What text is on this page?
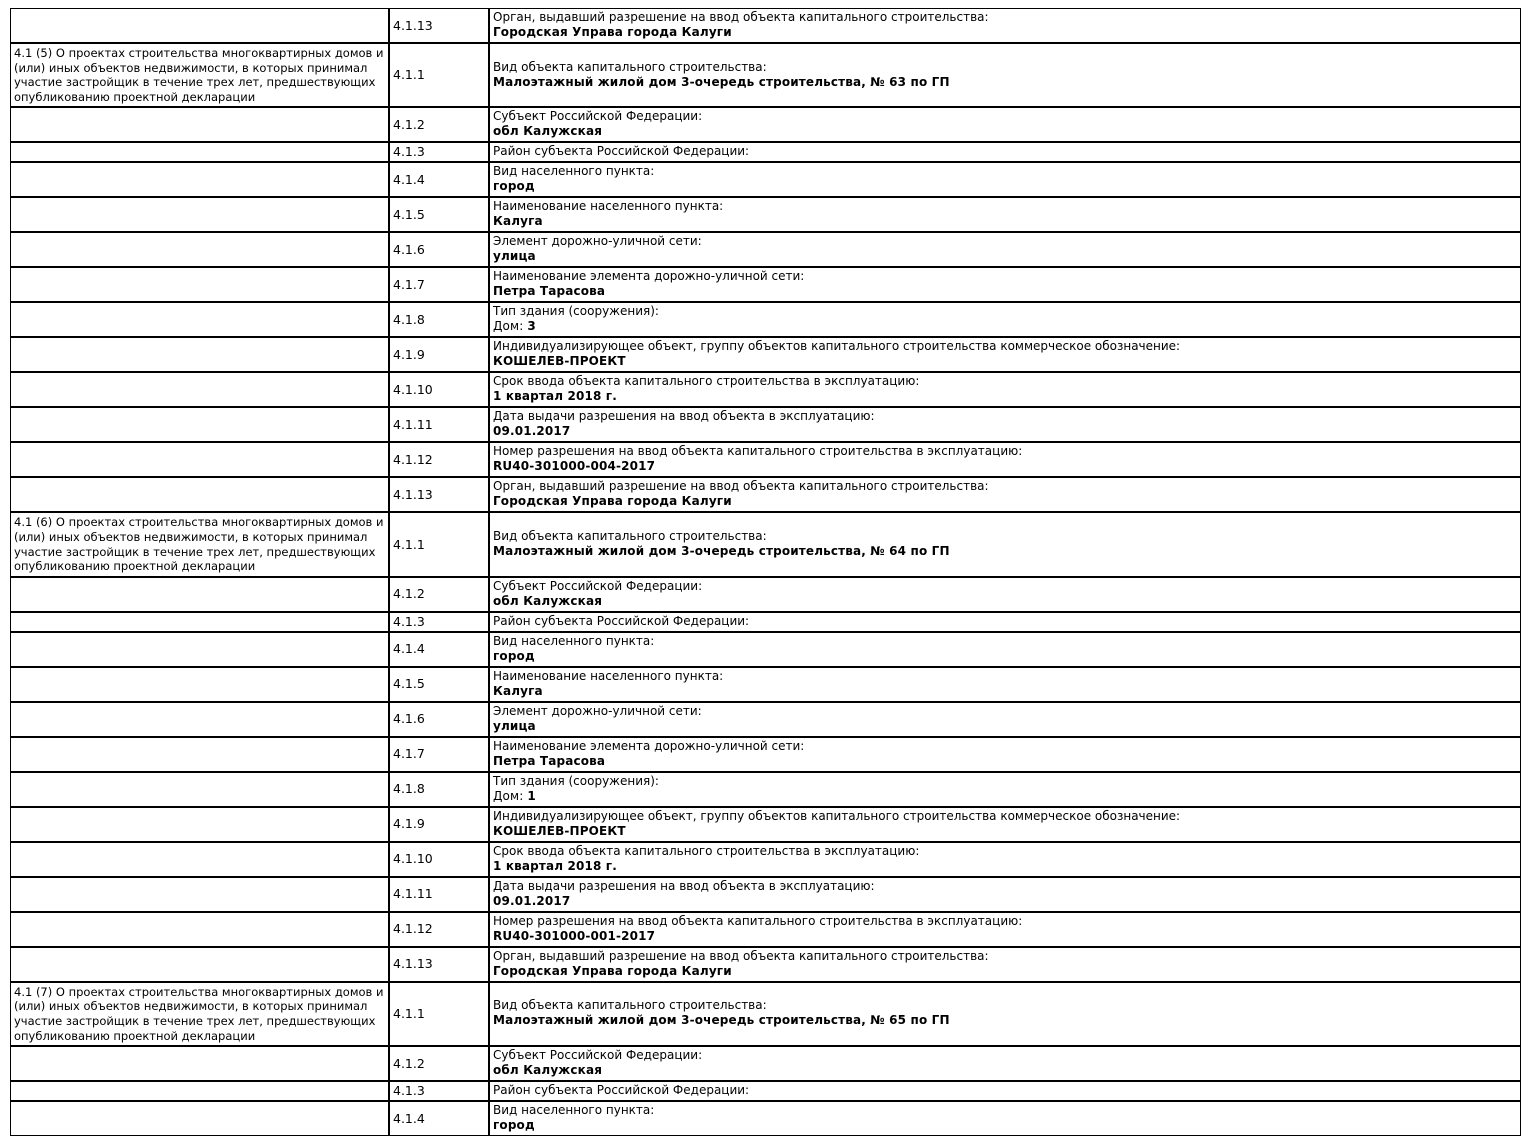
	4.1.13	Орган, выдавший разрешение на ввод объекта капитального строительства:
Городская Управа города Калуги

4.1 (5) О проектах строительства многоквартирных домов и (или) иных объектов недвижимости, в которых принимал участие застройщик в течение трех лет, предшествующих опубликованию проектной декларации	4.1.1	Вид объекта капитального строительства:
Малоэтажный жилой дом 3-очередь строительства, № 63 по ГП

	4.1.2	Субъект Российской Федерации:
обл Калужская

	4.1.3	Район субъекта Российской Федерации:

	4.1.4	Вид населенного пункта:
город

	4.1.5	Наименование населенного пункта:
Калуга

	4.1.6	Элемент дорожно-уличной сети:
улица

	4.1.7	Наименование элемента дорожно-уличной сети:
Петра Тарасова

	4.1.8	Тип здания (сооружения):
Дом: 3

	4.1.9	Индивидуализирующее объект, группу объектов капитального строительства коммерческое обозначение:
КОШЕЛЕВ-ПРОЕКТ

	4.1.10	Срок ввода объекта капитального строительства в эксплуатацию:
1 квартал 2018 г.

	4.1.11	Дата выдачи разрешения на ввод объекта в эксплуатацию:
09.01.2017

	4.1.12	Номер разрешения на ввод объекта капитального строительства в эксплуатацию:
RU40-301000-004-2017

	4.1.13	Орган, выдавший разрешение на ввод объекта капитального строительства:
Городская Управа города Калуги

4.1 (6) О проектах строительства многоквартирных домов и (или) иных объектов недвижимости, в которых принимал участие застройщик в течение трех лет, предшествующих опубликованию проектной декларации	4.1.1	Вид объекта капитального строительства:
Малоэтажный жилой дом 3-очередь строительства, № 64 по ГП

	4.1.2	Субъект Российской Федерации:
обл Калужская

	4.1.3	Район субъекта Российской Федерации:

	4.1.4	Вид населенного пункта:
город

	4.1.5	Наименование населенного пункта:
Калуга

	4.1.6	Элемент дорожно-уличной сети:
улица

	4.1.7	Наименование элемента дорожно-уличной сети:
Петра Тарасова

	4.1.8	Тип здания (сооружения):
Дом: 1

	4.1.9	Индивидуализирующее объект, группу объектов капитального строительства коммерческое обозначение:
КОШЕЛЕВ-ПРОЕКТ

	4.1.10	Срок ввода объекта капитального строительства в эксплуатацию:
1 квартал 2018 г.

	4.1.11	Дата выдачи разрешения на ввод объекта в эксплуатацию:
09.01.2017

	4.1.12	Номер разрешения на ввод объекта капитального строительства в эксплуатацию:
RU40-301000-001-2017

	4.1.13	Орган, выдавший разрешение на ввод объекта капитального строительства:
Городская Управа города Калуги

4.1 (7) О проектах строительства многоквартирных домов и (или) иных объектов недвижимости, в которых принимал участие застройщик в течение трех лет, предшествующих опубликованию проектной декларации	4.1.1	Вид объекта капитального строительства:
Малоэтажный жилой дом 3-очередь строительства, № 65 по ГП

	4.1.2	Субъект Российской Федерации:
обл Калужская

	4.1.3	Район субъекта Российской Федерации:

	4.1.4	Вид населенного пункта:
город
